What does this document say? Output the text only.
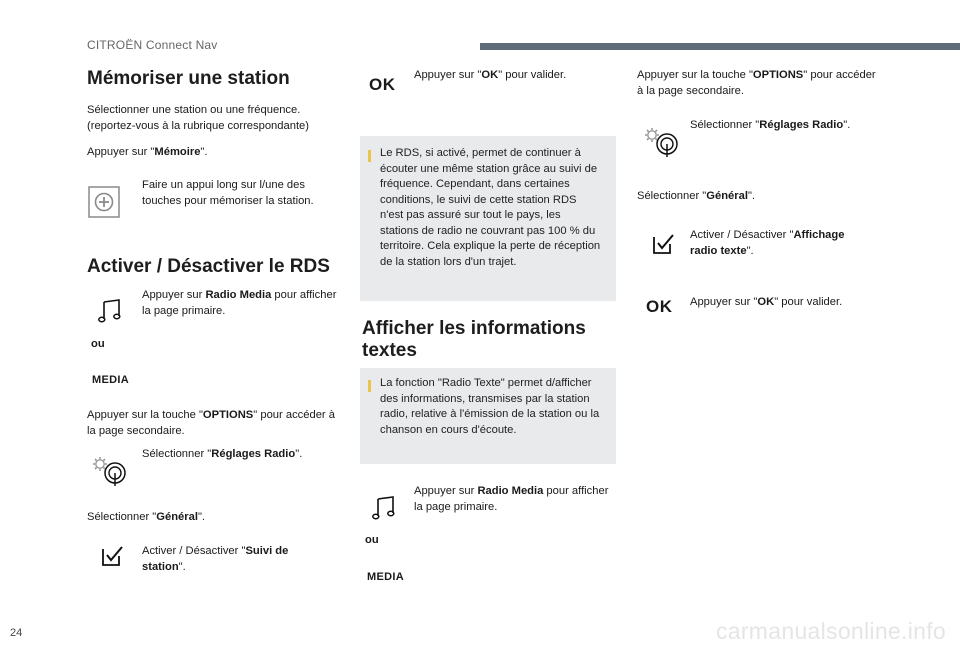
CITROËN Connect Nav
Mémoriser une station
Sélectionner une station ou une fréquence. (reportez-vous à la rubrique correspondante)
Appuyer sur "Mémoire".
Faire un appui long sur l/une des touches pour mémoriser la station.
Activer / Désactiver le RDS
Appuyer sur Radio Media pour afficher la page primaire.
ou
MEDIA
Appuyer sur la touche "OPTIONS" pour accéder à la page secondaire.
Sélectionner "Réglages Radio".
Sélectionner "Général".
Activer / Désactiver "Suivi de station".
OK Appuyer sur "OK" pour valider.
Le RDS, si activé, permet de continuer à écouter une même station grâce au suivi de fréquence. Cependant, dans certaines conditions, le suivi de cette station RDS n'est pas assuré sur tout le pays, les stations de radio ne couvrant pas 100 % du territoire. Cela explique la perte de réception de la station lors d'un trajet.
Afficher les informations textes
La fonction "Radio Texte" permet d/afficher des informations, transmises par la station radio, relative à l'émission de la station ou la chanson en cours d'écoute.
Appuyer sur Radio Media pour afficher la page primaire.
ou
MEDIA
Appuyer sur la touche "OPTIONS" pour accéder à la page secondaire.
Sélectionner "Réglages Radio".
Sélectionner "Général".
Activer / Désactiver "Affichage radio texte".
OK Appuyer sur "OK" pour valider.
24	carmanualsonline.info
